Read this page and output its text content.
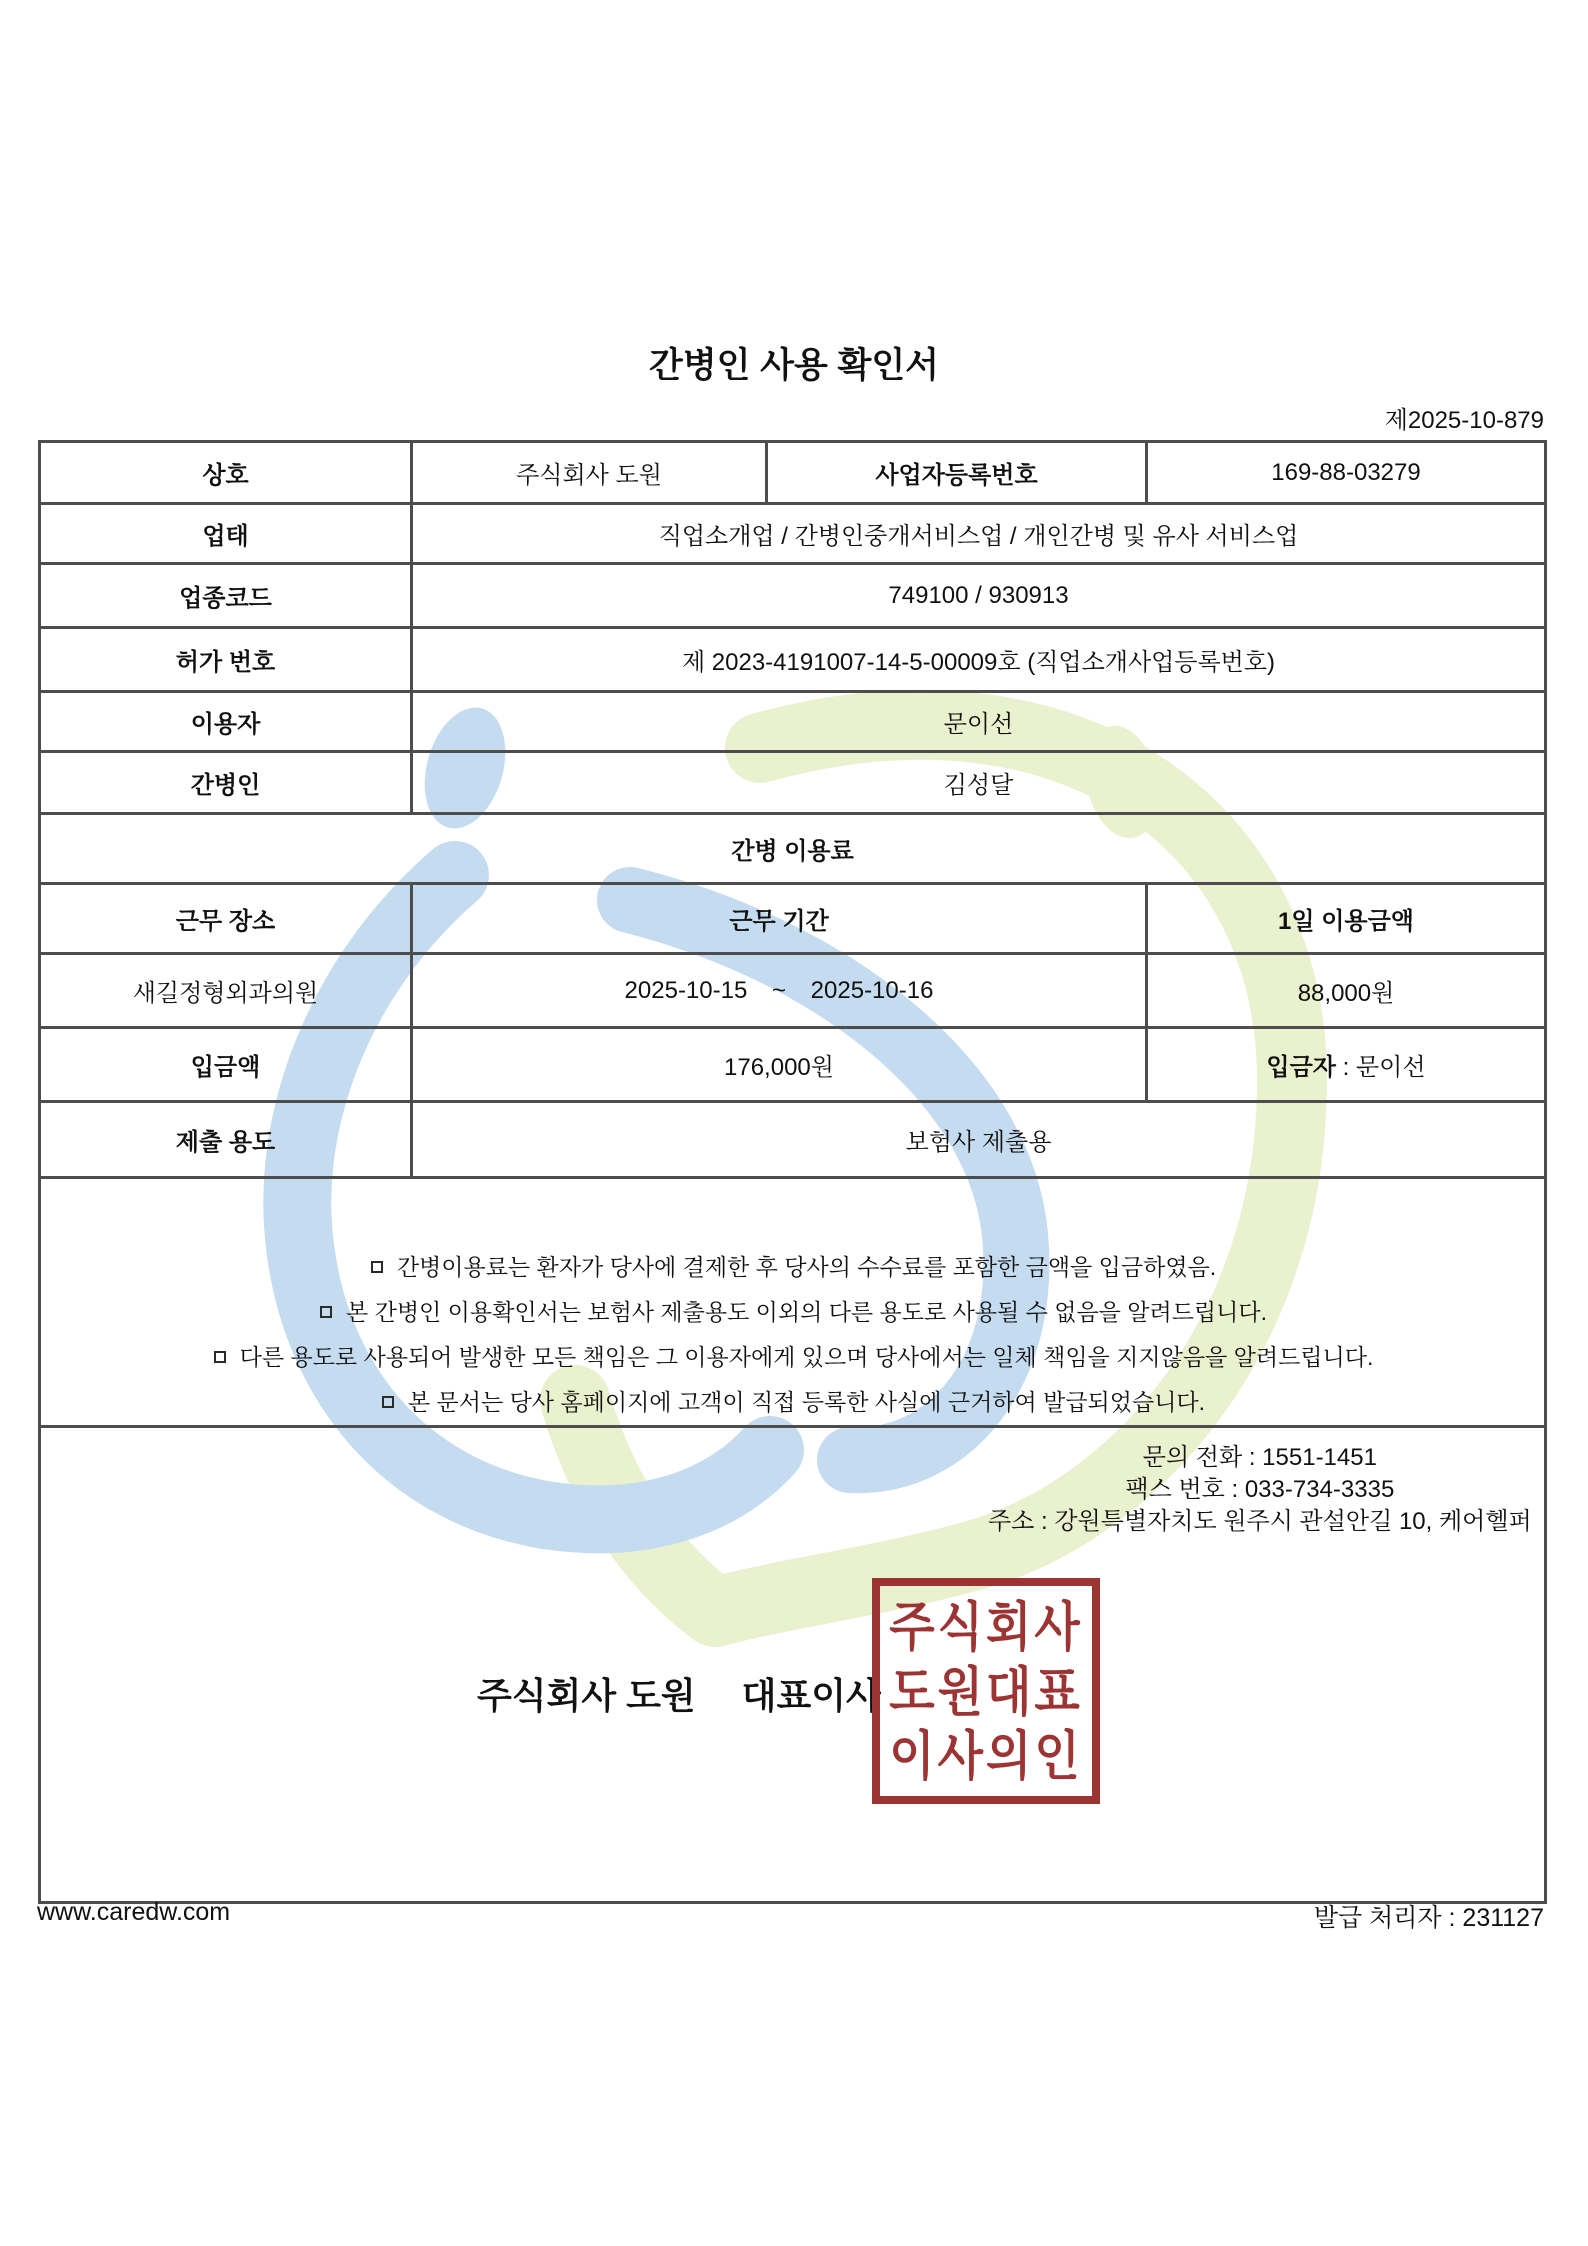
간병인 사용 확인서
제2025-10-879
상호	주식회사 도원	사업자등록번호	169-88-03279
업태	직업소개업 / 간병인중개서비스업 / 개인간병 및 유사 서비스업		
업종코드	749100 / 930913		
허가 번호	제 2023-4191007-14-5-00009호 (직업소개사업등록번호)		
이용자	문이선		
간병인	김성달		
간병 이용료			
근무 장소	근무 기간		1일 이용금액
새길정형외과의원	2025-10-15 ~ 2025-10-16		88,000원
입금액	176,000원		입금자 : 문이선
제출 용도	보험사 제출용		

간병이용료는 환자가 당사에 결제한 후 당사의 수수료를 포함한 금액을 입금하였음.
본 간병인 이용확인서는 보험사 제출용도 이외의 다른 용도로 사용될 수 없음을 알려드립니다.
다른 용도로 사용되어 발생한 모든 책임은 그 이용자에게 있으며 당사에서는 일체 책임을 지지않음을 알려드립니다.
본 문서는 당사 홈페이지에 고객이 직접 등록한 사실에 근거하여 발급되었습니다.

문의 전화 : 1551-1451
팩스 번호 : 033-734-3335
주소 : 강원특별자치도 원주시 관설안길 10, 케어헬퍼
주식회사 도원 대표이사
주식회사
도원대표
이사의인
www.caredw.com	발급 처리자 : 231127
